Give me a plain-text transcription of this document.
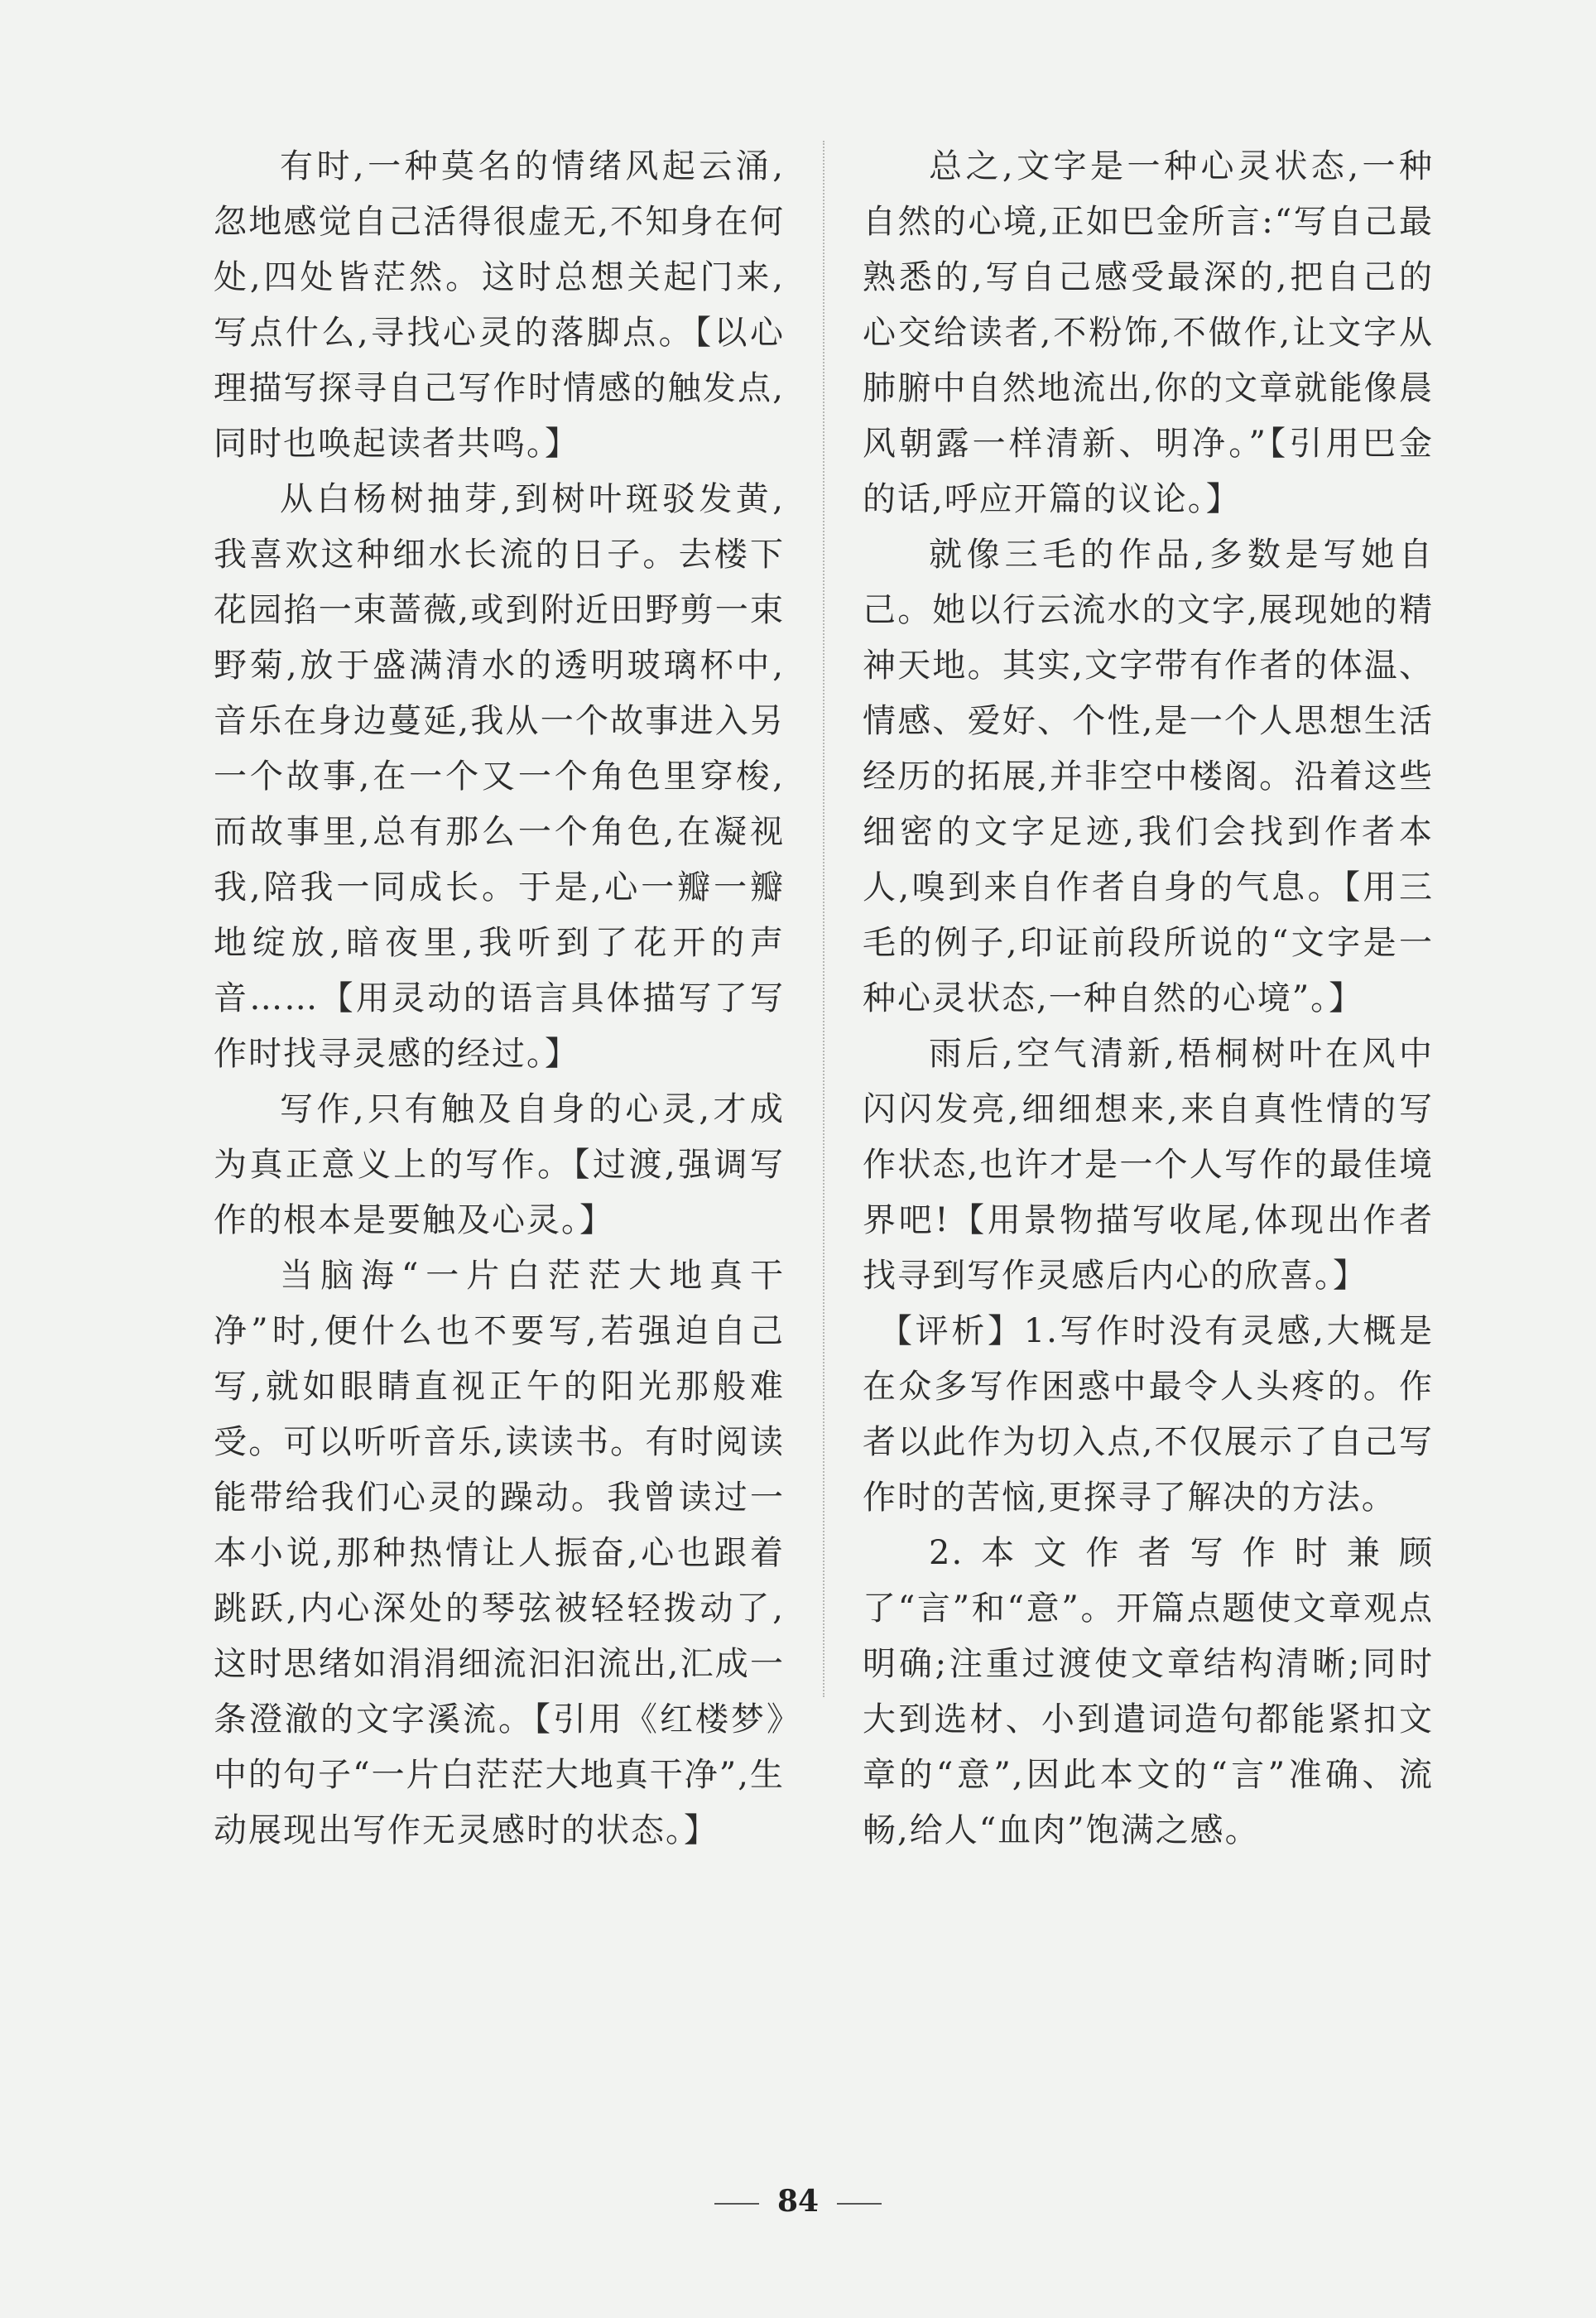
有时,一种莫名的情绪风起云涌,忽地感觉自己活得很虚无,不知身在何处,四处皆茫然。这时总想关起门来,写点什么,寻找心灵的落脚点。【以心理描写探寻自己写作时情感的触发点,同时也唤起读者共鸣。】

从白杨树抽芽,到树叶斑驳发黄,我喜欢这种细水长流的日子。去楼下花园掐一束蔷薇,或到附近田野剪一束野菊,放于盛满清水的透明玻璃杯中,音乐在身边蔓延,我从一个故事进入另一个故事,在一个又一个角色里穿梭,而故事里,总有那么一个角色,在凝视我,陪我一同成长。于是,心一瓣一瓣地绽放,暗夜里,我听到了花开的声音……【用灵动的语言具体描写了写作时找寻灵感的经过。】

写作,只有触及自身的心灵,才成为真正意义上的写作。【过渡,强调写作的根本是要触及心灵。】

当脑海“一片白茫茫大地真干净”时,便什么也不要写,若强迫自己写,就如眼睛直视正午的阳光那般难受。可以听听音乐,读读书。有时阅读能带给我们心灵的躁动。我曾读过一本小说,那种热情让人振奋,心也跟着跳跃,内心深处的琴弦被轻轻拨动了,这时思绪如涓涓细流汩汩流出,汇成一条澄澈的文字溪流。【引用《红楼梦》中的句子“一片白茫茫大地真干净”,生动展现出写作无灵感时的状态。】

总之,文字是一种心灵状态,一种自然的心境,正如巴金所言:“写自己最熟悉的,写自己感受最深的,把自己的心交给读者,不粉饰,不做作,让文字从肺腑中自然地流出,你的文章就能像晨风朝露一样清新、明净。”【引用巴金的话,呼应开篇的议论。】

就像三毛的作品,多数是写她自己。她以行云流水的文字,展现她的精神天地。其实,文字带有作者的体温、情感、爱好、个性,是一个人思想生活经历的拓展,并非空中楼阁。沿着这些细密的文字足迹,我们会找到作者本人,嗅到来自作者自身的气息。【用三毛的例子,印证前段所说的“文字是一种心灵状态,一种自然的心境”。】

雨后,空气清新,梧桐树叶在风中闪闪发亮,细细想来,来自真性情的写作状态,也许才是一个人写作的最佳境界吧!【用景物描写收尾,体现出作者找寻到写作灵感后内心的欣喜。】

【评析】1.写作时没有灵感,大概是在众多写作困惑中最令人头疼的。作者以此作为切入点,不仅展示了自己写作时的苦恼,更探寻了解决的方法。

2.本文作者写作时兼顾了“言”和“意”。开篇点题使文章观点明确;注重过渡使文章结构清晰;同时大到选材、小到遣词造句都能紧扣文章的“意”,因此本文的“言”准确、流畅,给人“血肉”饱满之感。

84
